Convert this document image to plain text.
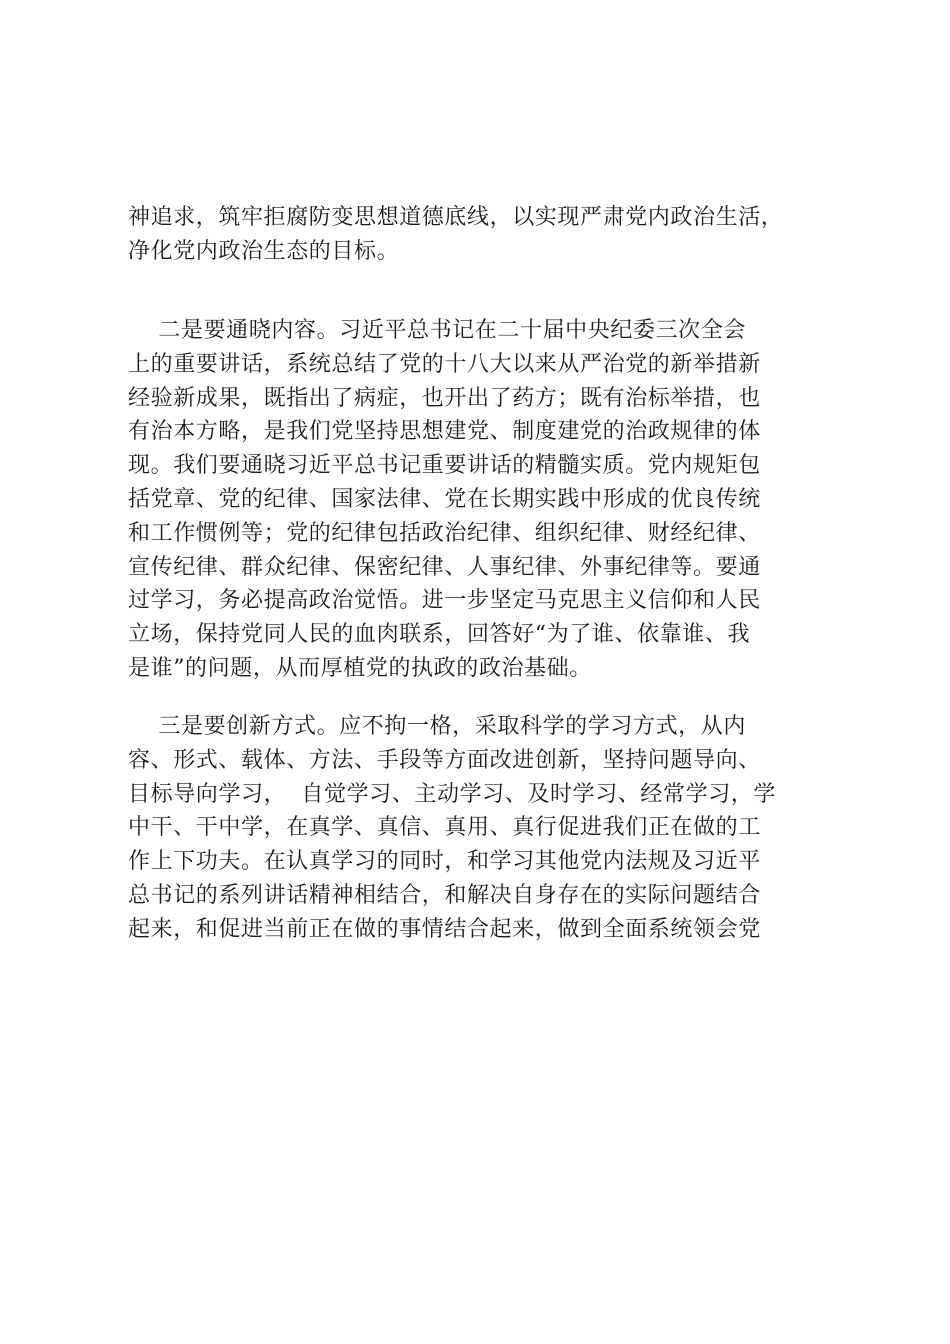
神追求，筑牢拒腐防变思想道德底线，以实现严肃党内政治生活，
净化党内政治生态的目标。
二是要通晓内容。习近平总书记在二十届中央纪委三次全会
上的重要讲话，系统总结了党的十八大以来从严治党的新举措新
经验新成果，既指出了病症，也开出了药方；既有治标举措，也
有治本方略，是我们党坚持思想建党、制度建党的治政规律的体
现。我们要通晓习近平总书记重要讲话的精髓实质。党内规矩包
括党章、党的纪律、国家法律、党在长期实践中形成的优良传统
和工作惯例等；党的纪律包括政治纪律、组织纪律、财经纪律、
宣传纪律、群众纪律、保密纪律、人事纪律、外事纪律等。要通
过学习，务必提高政治觉悟。进一步坚定马克思主义信仰和人民
立场，保持党同人民的血肉联系，回答好“为了谁、依靠谁、我
是谁”的问题，从而厚植党的执政的政治基础。
三是要创新方式。应不拘一格，采取科学的学习方式，从内
容、形式、载体、方法、手段等方面改进创新，坚持问题导向、
目标导向学习，  自觉学习、主动学习、及时学习、经常学习，学
中干、干中学，在真学、真信、真用、真行促进我们正在做的工
作上下功夫。在认真学习的同时，和学习其他党内法规及习近平
总书记的系列讲话精神相结合，和解决自身存在的实际问题结合
起来，和促进当前正在做的事情结合起来，做到全面系统领会党
